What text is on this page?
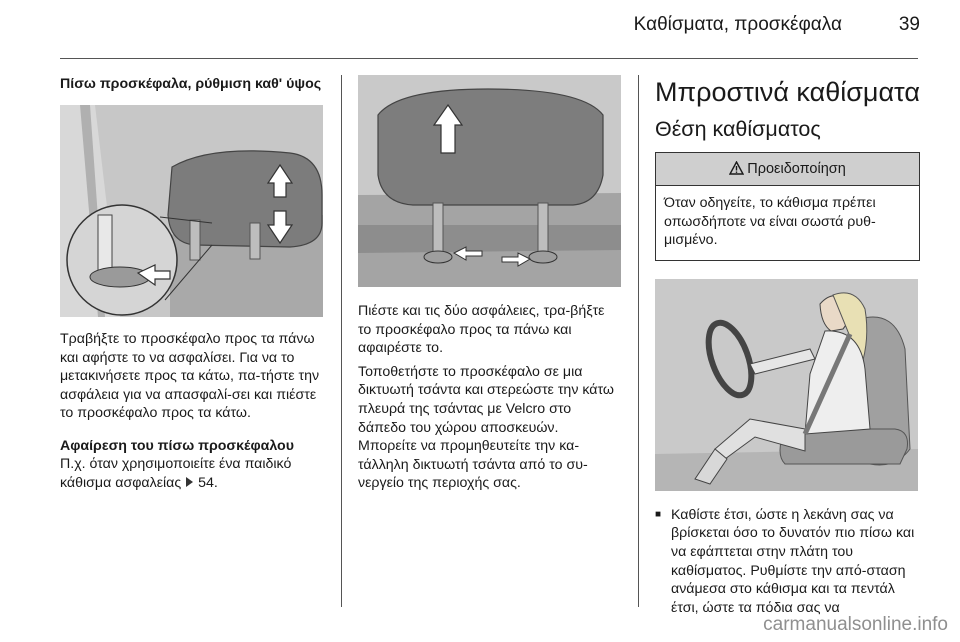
Καθίσματα, προσκέφαλα	39

Πίσω προσκέφαλα, ρύθμιση καθ' ύψος

Τραβήξτε το προσκέφαλο προς τα πάνω και αφήστε το να ασφαλίσει. Για να το μετακινήσετε προς τα κάτω, πα-τήστε την ασφάλεια για να απασφαλί-σει και πιέστε το προσκέφαλο προς τα κάτω.

Αφαίρεση του πίσω προσκέφαλου

Π.χ. όταν χρησιμοποιείτε ένα παιδικό κάθισμα ασφαλείας 54.

Πιέστε και τις δύο ασφάλειες, τρα-βήξτε το προσκέφαλο προς τα πάνω και αφαιρέστε το.

Τοποθετήστε το προσκέφαλο σε μια δικτυωτή τσάντα και στερεώστε την κάτω πλευρά της τσάντας με Velcro στο δάπεδο του χώρου αποσκευών. Μπορείτε να προμηθευτείτε την κα-τάλληλη δικτυωτή τσάντα από το συ-νεργείο της περιοχής σας.

Μπροστινά καθίσματα
Θέση καθίσματος
Προειδοποίηση
Όταν οδηγείτε, το κάθισμα πρέπει οπωσδήποτε να είναι σωστά ρυθ-μισμένο.
■ Καθίστε έτσι, ώστε η λεκάνη σας να βρίσκεται όσο το δυνατόν πιο πίσω και να εφάπτεται στην πλάτη του καθίσματος. Ρυθμίστε την από-σταση ανάμεσα στο κάθισμα και τα πεντάλ έτσι, ώστε τα πόδια σας να
carmanualsonline.info
